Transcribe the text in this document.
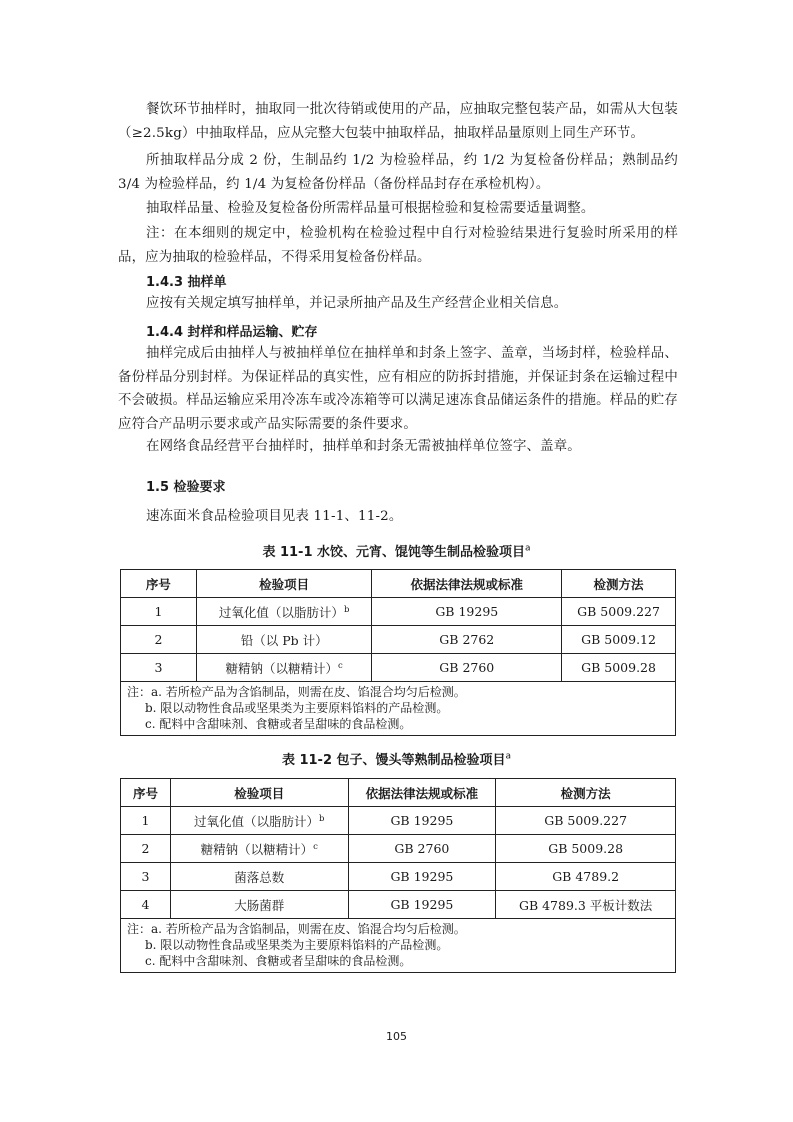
餐饮环节抽样时，抽取同一批次待销或使用的产品，应抽取完整包装产品，如需从大包装（≥2.5kg）中抽取样品，应从完整大包装中抽取样品，抽取样品量原则上同生产环节。

所抽取样品分成 2 份，生制品约 1/2 为检验样品，约 1/2 为复检备份样品；熟制品约 3/4 为检验样品，约 1/4 为复检备份样品（备份样品封存在承检机构）。

抽取样品量、检验及复检备份所需样品量可根据检验和复检需要适量调整。

注：在本细则的规定中，检验机构在检验过程中自行对检验结果进行复验时所采用的样品，应为抽取的检验样品，不得采用复检备份样品。

1.4.3 抽样单

应按有关规定填写抽样单，并记录所抽产品及生产经营企业相关信息。

1.4.4 封样和样品运输、贮存

抽样完成后由抽样人与被抽样单位在抽样单和封条上签字、盖章，当场封样，检验样品、备份样品分别封样。为保证样品的真实性，应有相应的防拆封措施，并保证封条在运输过程中不会破损。样品运输应采用冷冻车或冷冻箱等可以满足速冻食品储运条件的措施。样品的贮存应符合产品明示要求或产品实际需要的条件要求。

在网络食品经营平台抽样时，抽样单和封条无需被抽样单位签字、盖章。

1.5 检验要求

速冻面米食品检验项目见表 11-1、11-2。

表 11-1 水饺、元宵、馄饨等生制品检验项目$^a$
序号	检验项目	依据法律法规或标准	检测方法
1	过氧化值（以脂肪计）$^b$	GB 19295	GB 5009.227
2	铅（以 Pb 计）	GB 2762	GB 5009.12
3	糖精钠（以糖精计）$^c$	GB 2760	GB 5009.28

注：a. 若所检产品为含馅制品，则需在皮、馅混合均匀后检测。
b. 限以动物性食品或坚果类为主要原料馅料的产品检测。
c. 配料中含甜味剂、食糖或者呈甜味的食品检测。			
表 11-2 包子、馒头等熟制品检验项目$^a$
序号	检验项目	依据法律法规或标准	检测方法
1	过氧化值（以脂肪计）$^b$	GB 19295	GB 5009.227
2	糖精钠（以糖精计）$^c$	GB 2760	GB 5009.28
3	菌落总数	GB 19295	GB 4789.2
4	大肠菌群	GB 19295	GB 4789.3 平板计数法

注：a. 若所检产品为含馅制品，则需在皮、馅混合均匀后检测。
b. 限以动物性食品或坚果类为主要原料馅料的产品检测。
c. 配料中含甜味剂、食糖或者呈甜味的食品检测。			
105
